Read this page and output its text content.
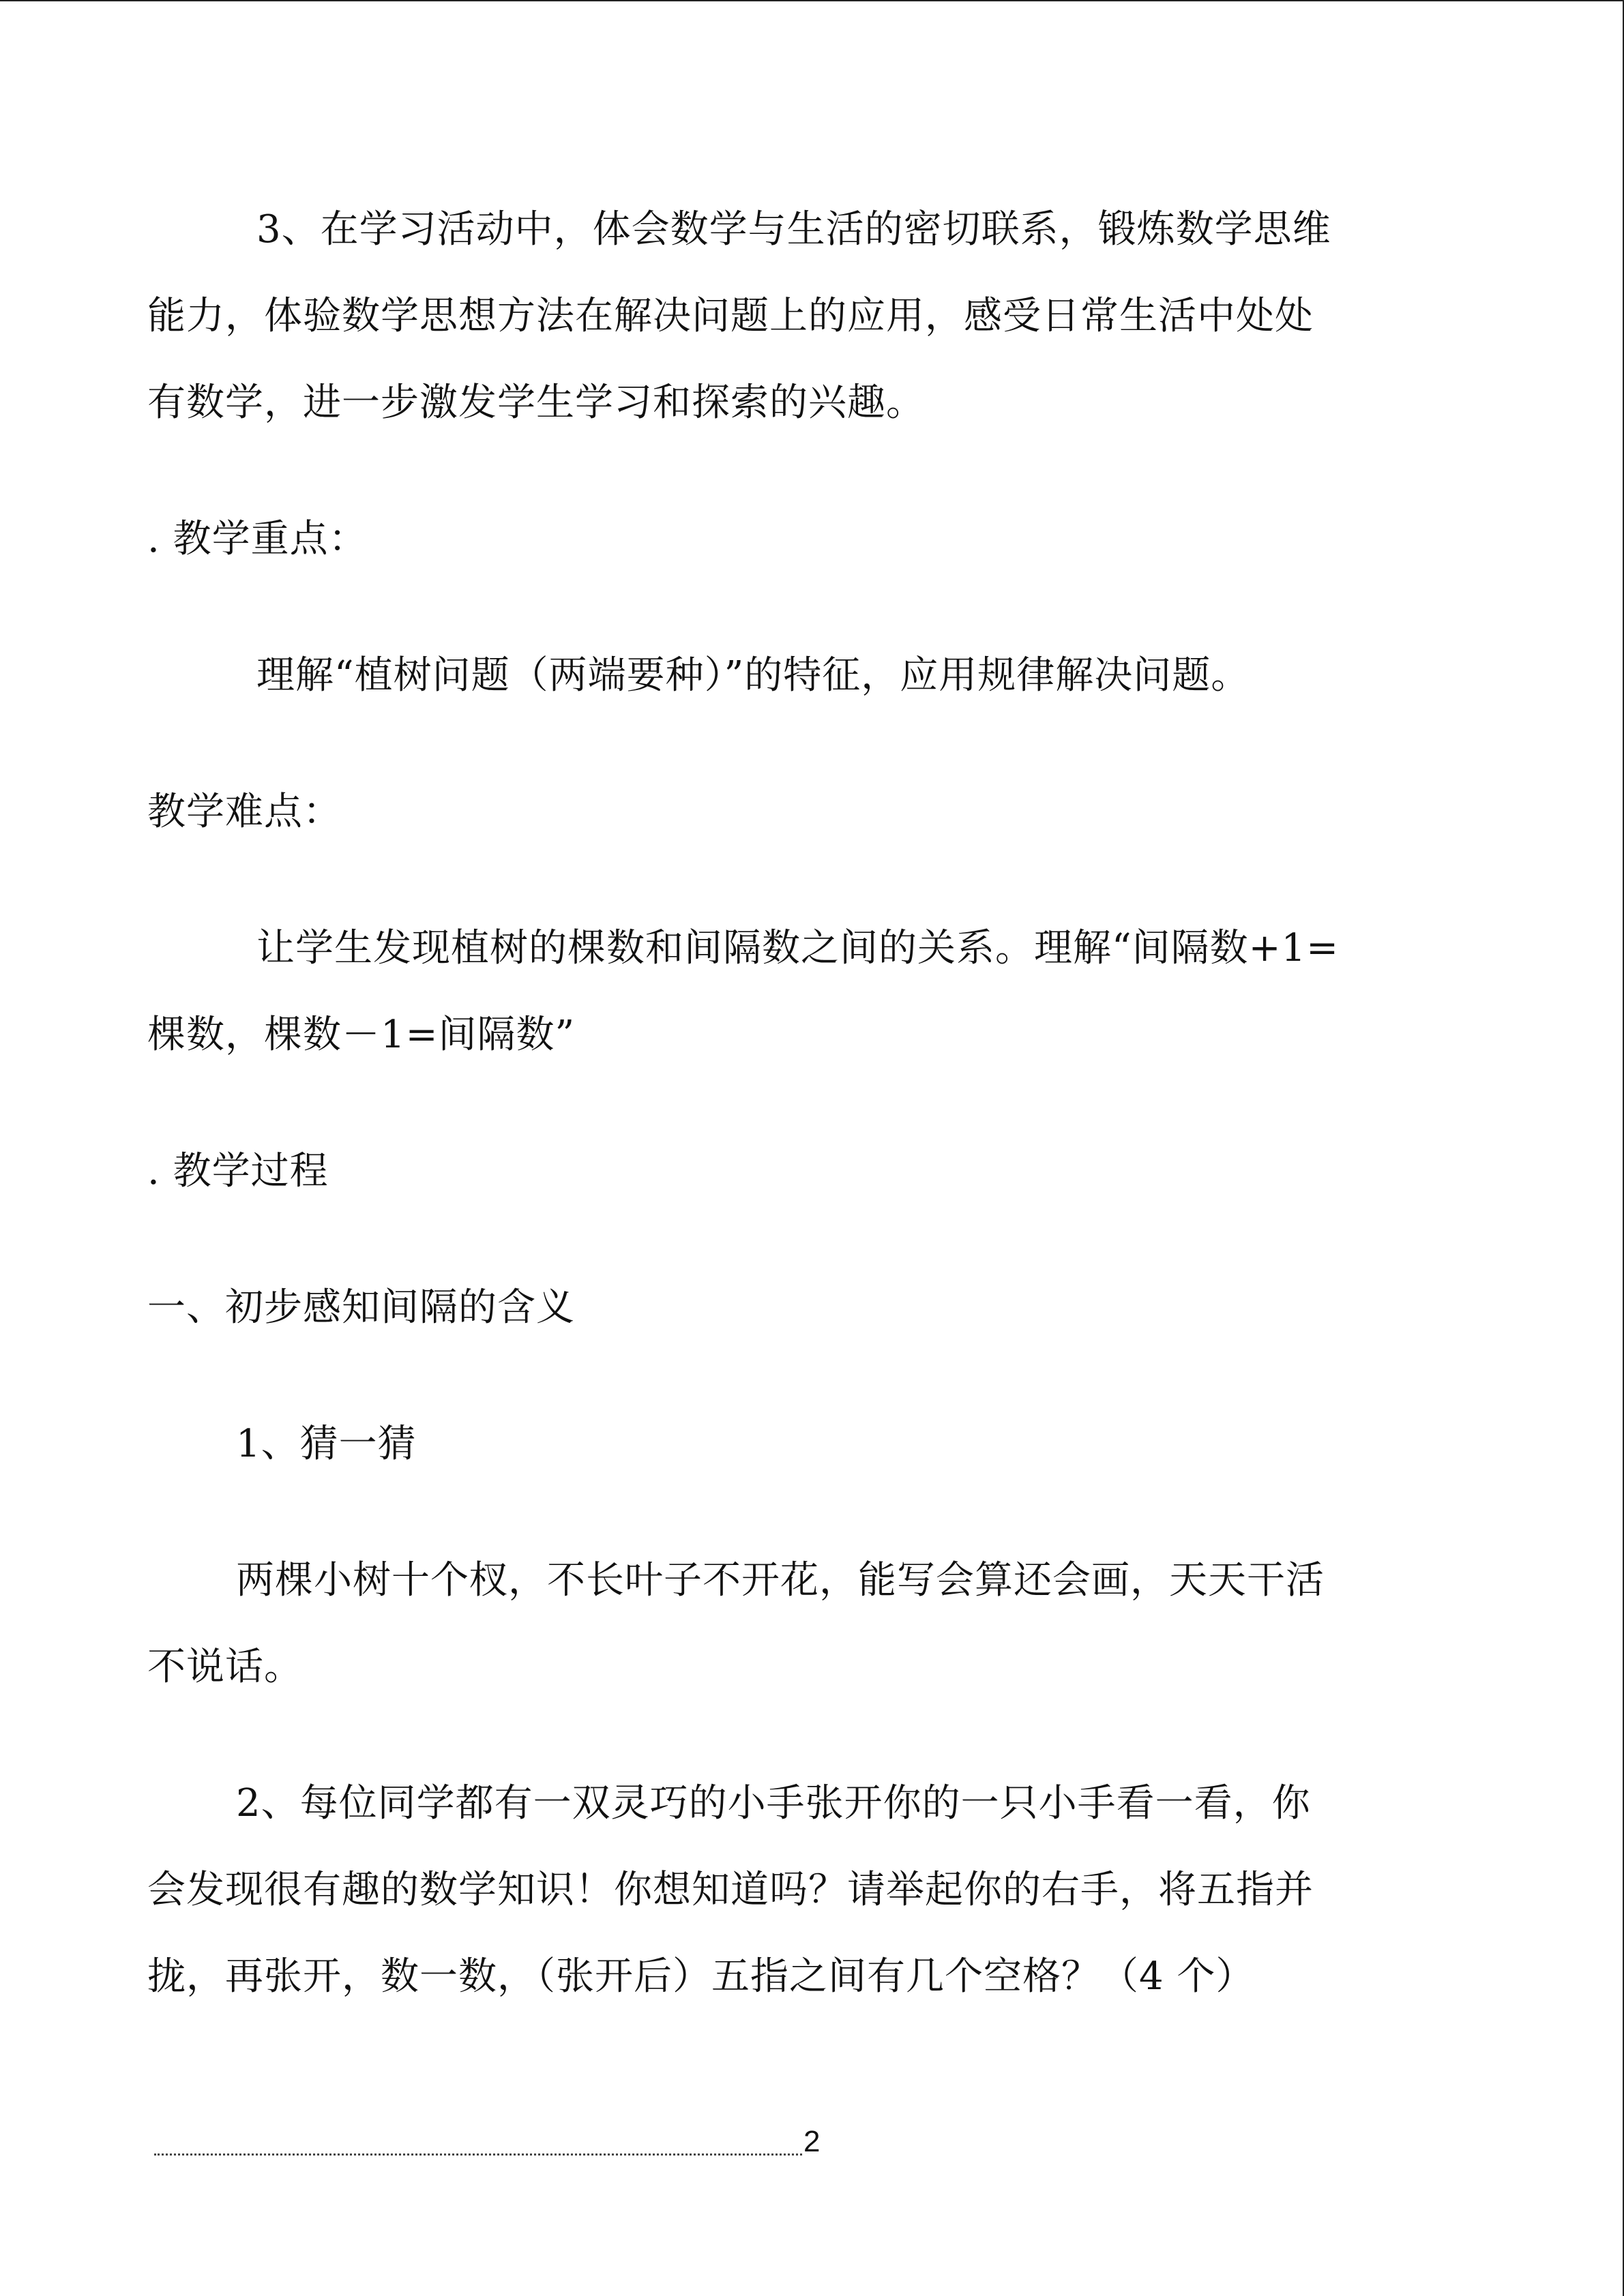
3、在学习活动中，体会数学与生活的密切联系，锻炼数学思维
能力，体验数学思想方法在解决问题上的应用，感受日常生活中处处
有数学，进一步激发学生学习和探索的兴趣。
. 教学重点：
理解“植树问题（两端要种）”的特征，应用规律解决问题。
教学难点：
让学生发现植树的棵数和间隔数之间的关系。理解“间隔数+1=
棵数，棵数－1=间隔数”
. 教学过程
一、初步感知间隔的含义
1、猜一猜
两棵小树十个杈，不长叶子不开花，能写会算还会画，天天干活
不说话。
2、每位同学都有一双灵巧的小手张开你的一只小手看一看，你
会发现很有趣的数学知识！你想知道吗？请举起你的右手，将五指并
拢，再张开，数一数，（张开后）五指之间有几个空格？（4 个）
2
